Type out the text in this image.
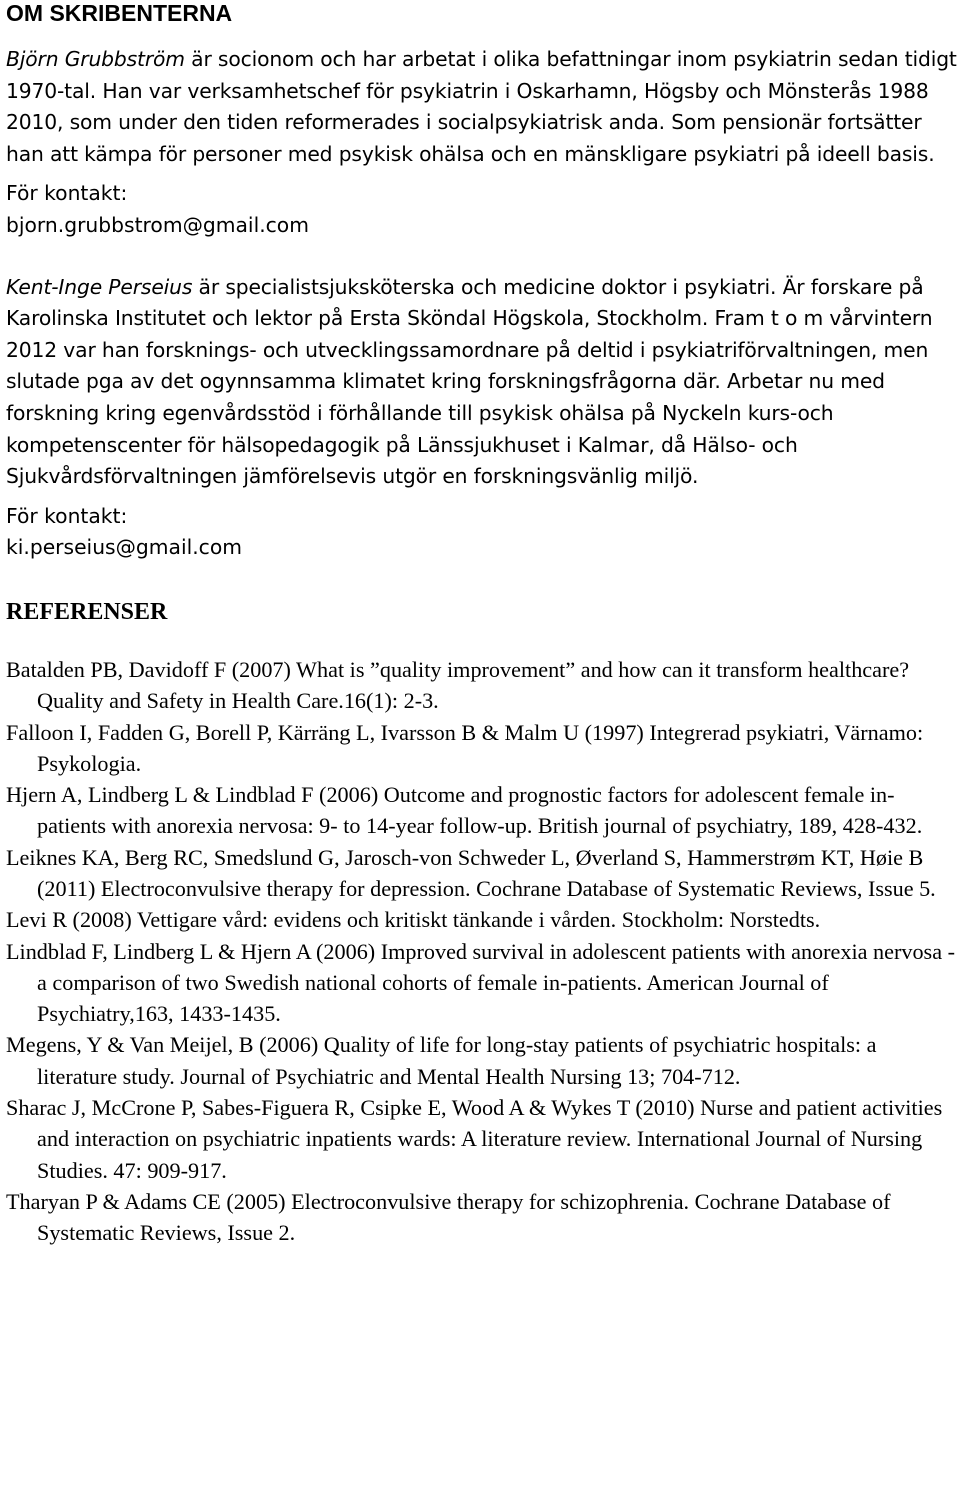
OM SKRIBENTERNA

Björn Grubbström är socionom och har arbetat i olika befattningar inom psykiatrin sedan tidigt 1970-tal. Han var verksamhetschef för psykiatrin i Oskarhamn, Högsby och Mönsterås 1988 2010, som under den tiden reformerades i socialpsykiatrisk anda. Som pensionär fortsätter han att kämpa för personer med psykisk ohälsa och en mänskligare psykiatri på ideell basis.

För kontakt:

bjorn.grubbstrom@gmail.com

Kent-Inge Perseius är specialistsjuksköterska och medicine doktor i psykiatri. Är forskare på Karolinska Institutet och lektor på Ersta Sköndal Högskola, Stockholm. Fram t o m vårvintern 2012 var han forsknings- och utvecklingssamordnare på deltid i psykiatriförvaltningen, men slutade pga av det ogynnsamma klimatet kring forskningsfrågorna där. Arbetar nu med forskning kring egenvårdsstöd i förhållande till psykisk ohälsa på Nyckeln kurs-och kompetenscenter för hälsopedagogik på Länssjukhuset i Kalmar, då Hälso- och Sjukvårdsförvaltningen jämförelsevis utgör en forskningsvänlig miljö.

För kontakt:

ki.perseius@gmail.com

REFERENSER
Batalden PB, Davidoff F (2007) What is ”quality improvement” and how can it transform healthcare? Quality and Safety in Health Care.16(1): 2-3.
Falloon I, Fadden G, Borell P, Kärräng L, Ivarsson B & Malm U (1997) Integrerad psykiatri, Värnamo: Psykologia.
Hjern A, Lindberg L & Lindblad F (2006) Outcome and prognostic factors for adolescent female in-patients with anorexia nervosa: 9- to 14-year follow-up. British journal of psychiatry, 189, 428-432.
Leiknes KA, Berg RC, Smedslund G, Jarosch-von Schweder L, Øverland S, Hammerstrøm KT, Høie B (2011) Electroconvulsive therapy for depression. Cochrane Database of Systematic Reviews, Issue 5.
Levi R (2008) Vettigare vård: evidens och kritiskt tänkande i vården. Stockholm: Norstedts.
Lindblad F, Lindberg L & Hjern A (2006) Improved survival in adolescent patients with anorexia nervosa - a comparison of two Swedish national cohorts of female in-patients. American Journal of Psychiatry,163, 1433-1435.
Megens, Y & Van Meijel, B (2006) Quality of life for long-stay patients of psychiatric hospitals: a literature study. Journal of Psychiatric and Mental Health Nursing 13; 704-712.
Sharac J, McCrone P, Sabes-Figuera R, Csipke E, Wood A & Wykes T (2010) Nurse and patient activities and interaction on psychiatric inpatients wards: A literature review. International Journal of Nursing Studies. 47: 909-917.
Tharyan P & Adams CE (2005) Electroconvulsive therapy for schizophrenia. Cochrane Database of Systematic Reviews, Issue 2.
